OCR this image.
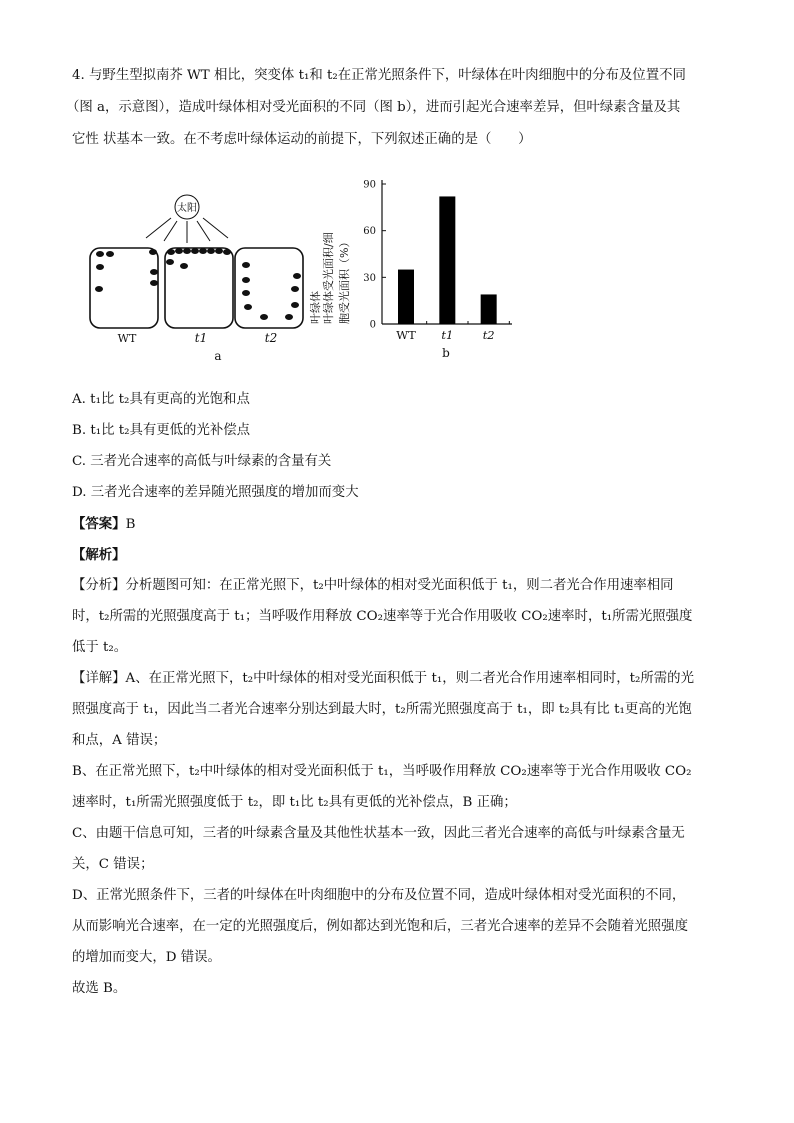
4. 与野生型拟南芥 WT 相比，突变体 t₁和 t₂在正常光照条件下，叶绿体在叶肉细胞中的分布及位置不同
（图 a，示意图），造成叶绿体相对受光面积的不同（图 b），进而引起光合速率差异，但叶绿素含量及其
它性 状基本一致。在不考虑叶绿体运动的前提下，下列叙述正确的是（　　）
太阳
WT	t1	t2
a
叶绿体受光面积/细 胞受光面积（%）
叶绿体
0
30
60
90
WT t1	t2
b
A. t₁比 t₂具有更高的光饱和点
B. t₁比 t₂具有更低的光补偿点
C. 三者光合速率的高低与叶绿素的含量有关
D. 三者光合速率的差异随光照强度的增加而变大
【答案】B
【解析】
【分析】分析题图可知：在正常光照下，t₂中叶绿体的相对受光面积低于 t₁，则二者光合作用速率相同
时，t₂所需的光照强度高于 t₁；当呼吸作用释放 CO₂速率等于光合作用吸收 CO₂速率时，t₁所需光照强度
低于 t₂。
【详解】A、在正常光照下，t₂中叶绿体的相对受光面积低于 t₁，则二者光合作用速率相同时，t₂所需的光
照强度高于 t₁，因此当二者光合速率分别达到最大时，t₂所需光照强度高于 t₁，即 t₂具有比 t₁更高的光饱
和点，A 错误；
B、在正常光照下，t₂中叶绿体的相对受光面积低于 t₁，当呼吸作用释放 CO₂速率等于光合作用吸收 CO₂
速率时，t₁所需光照强度低于 t₂，即 t₁比 t₂具有更低的光补偿点，B 正确；
C、由题干信息可知，三者的叶绿素含量及其他性状基本一致，因此三者光合速率的高低与叶绿素含量无
关，C 错误；
D、正常光照条件下，三者的叶绿体在叶肉细胞中的分布及位置不同，造成叶绿体相对受光面积的不同，
从而影响光合速率，在一定的光照强度后，例如都达到光饱和后，三者光合速率的差异不会随着光照强度
的增加而变大，D 错误。
故选 B。
